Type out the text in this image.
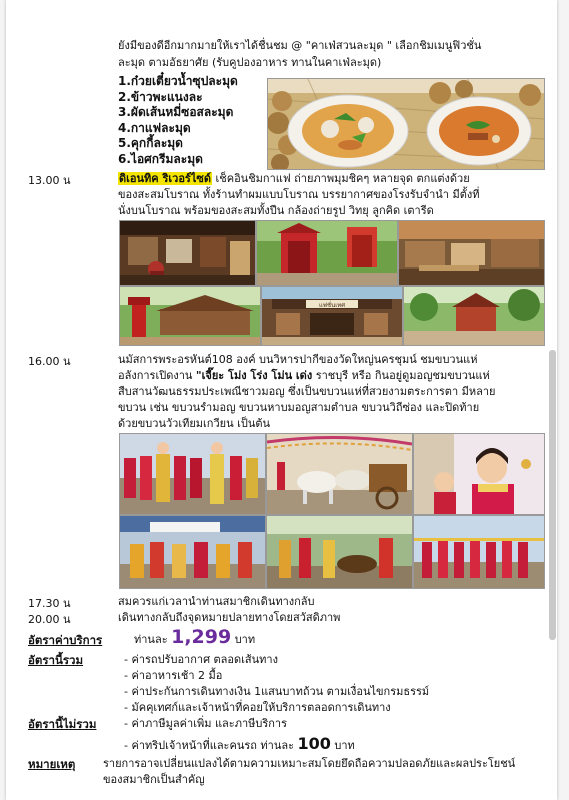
ยังมีของดีอีกมากมายให้เราได้ชื่นชม @ "คาเฟ่สวนละมุด " เลือกชิมเมนูฟิวชั่น
ละมุด ตามอัธยาศัย (รับคูปองอาหาร ทานในคาเฟ่ละมุด)
1.ก๋วยเตี๋ยวน้ำซุปละมุด
2.ข้าวพะแนงละ
3.ผัดเส้นหมี่ซอสละมุด
4.กาแฟละมุด
5.คุกกี้ละมุด
6.ไอศกรีมละมุด
13.00 น	ดิเอนทิค ริเวอร์ไซด์ เช็คอินชิมกาแฟ ถ่ายภาพมุมชิคๆ หลายจุด ตกแต่งด้วย
ของสะสมโบราณ ทั้งร้านทำผมแบบโบราณ บรรยากาศของโรงรับจำนำ มีตั้งที่
นั่งบนโบราณ พร้อมของสะสมทั้งปืน กล้องถ่ายรูป วิทยุ ลูกคิด เตารีด
แฟชั่นเทศ
16.00 น	นมัสการพระอรหันต์108 องค์ บนวิหารปากีของวัดใหญ่นครชุมน์ ชมขบวนแห่
อลังการเปิดงาน "เจี๊ยะ โม่ง โร่ง โม่น เด่ง ราชบุรี หรือ กินอยู่ดูมอญชมขบวนแห่
สืบสานวัฒนธรรมประเพณีชาวมอญ ซึ่งเป็นขบวนแห่ที่สวยงามตระการตา มีหลาย
ขบวน เช่น ขบวนรำมอญ ขบวนหาบมอญสามตำบล ขบวนวิถีซ่อง และปิดท้าย
ด้วยขบวนวัวเทียมเกวียน เป็นต้น
17.30 น	สมควรแก่เวลานำท่านสมาชิกเดินทางกลับ
20.00 น	เดินทางกลับถึงจุดหมายปลายทางโดยสวัสดิภาพ
อัตราค่าบริการ	ท่านละ 1,299 บาท
อัตรานี้รวม	- ค่ารถปรับอากาศ ตลอดเส้นทาง
- ค่าอาหารเช้า 2 มื้อ
- ค่าประกันการเดินทางเงิน 1แสนบาทถ้วน ตามเงื่อนไขกรมธรรม์
- มัคคุเทศก์และเจ้าหน้าที่คอยให้บริการตลอดการเดินทาง
อัตรานี้ไม่รวม	- ค่าภาษีมูลค่าเพิ่ม และภาษีบริการ
- ค่าทริปเจ้าหน้าที่และคนรถ ท่านละ 100 บาท
หมายเหตุ	รายการอาจเปลี่ยนแปลงได้ตามความเหมาะสมโดยยึดถือความปลอดภัยและผลประโยชน์
ของสมาชิกเป็นสำคัญ
